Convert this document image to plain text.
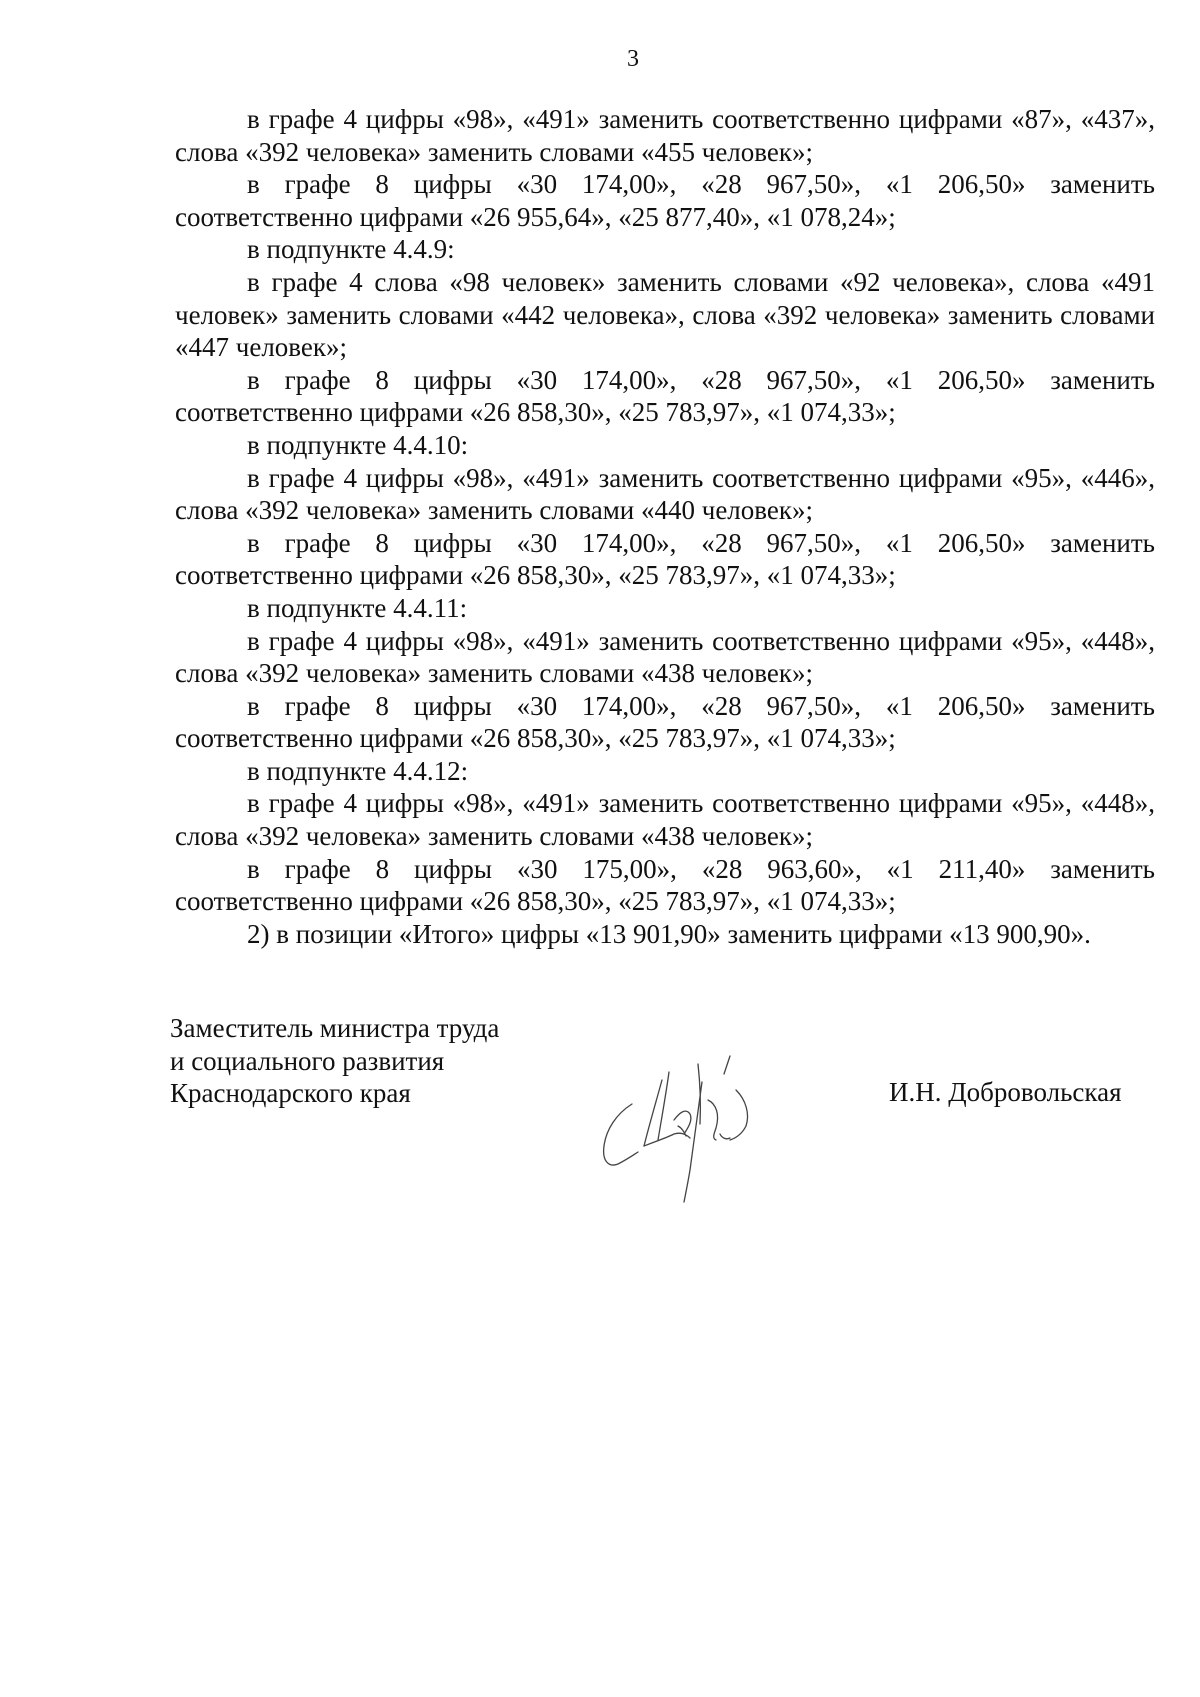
3

в графе 4 цифры «98», «491» заменить соответственно цифрами «87», «437», слова «392 человека» заменить словами «455 человек»;

в графе 8 цифры «30 174,00», «28 967,50», «1 206,50» заменить соответственно цифрами «26 955,64», «25 877,40», «1 078,24»;

в подпункте 4.4.9:

в графе 4 слова «98 человек» заменить словами «92 человека», слова «491 человек» заменить словами «442 человека», слова «392 человека» заменить словами «447 человек»;

в графе 8 цифры «30 174,00», «28 967,50», «1 206,50» заменить соответственно цифрами «26 858,30», «25 783,97», «1 074,33»;

в подпункте 4.4.10:

в графе 4 цифры «98», «491» заменить соответственно цифрами «95», «446», слова «392 человека» заменить словами «440 человек»;

в графе 8 цифры «30 174,00», «28 967,50», «1 206,50» заменить соответственно цифрами «26 858,30», «25 783,97», «1 074,33»;

в подпункте 4.4.11:

в графе 4 цифры «98», «491» заменить соответственно цифрами «95», «448», слова «392 человека» заменить словами «438 человек»;

в графе 8 цифры «30 174,00», «28 967,50», «1 206,50» заменить соответственно цифрами «26 858,30», «25 783,97», «1 074,33»;

в подпункте 4.4.12:

в графе 4 цифры «98», «491» заменить соответственно цифрами «95», «448», слова «392 человека» заменить словами «438 человек»;

в графе 8 цифры «30 175,00», «28 963,60», «1 211,40» заменить соответственно цифрами «26 858,30», «25 783,97», «1 074,33»;

2) в позиции «Итого» цифры «13 901,90» заменить цифрами «13 900,90».

Заместитель министра труда
и социального развития
Краснодарского края	И.Н. Добровольская
